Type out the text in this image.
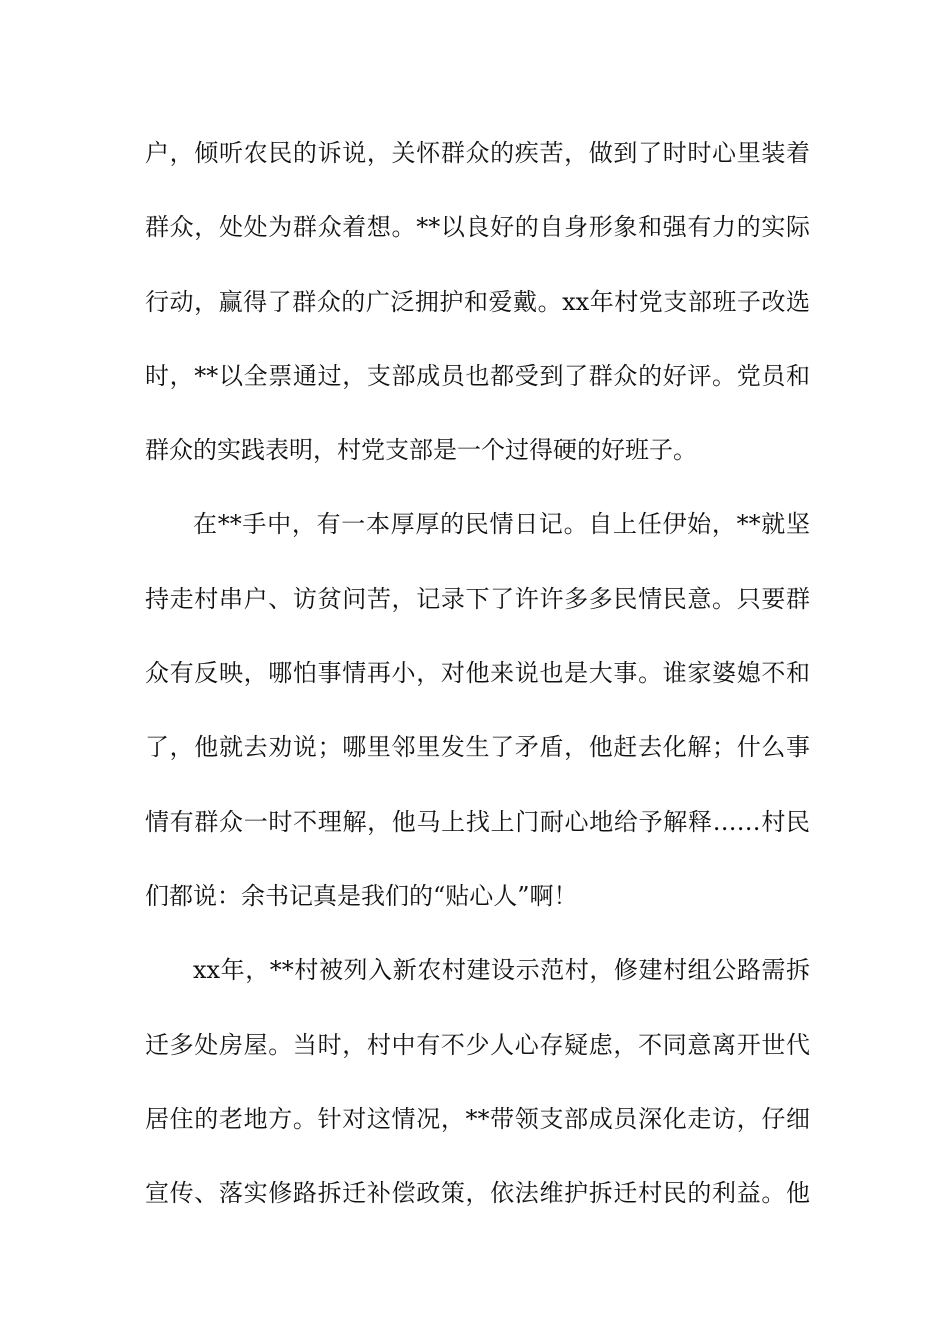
户，倾听农民的诉说，关怀群众的疾苦，做到了时时心里装着
群众，处处为群众着想。**以良好的自身形象和强有力的实际
行动，赢得了群众的广泛拥护和爱戴。xx年村党支部班子改选
时，**以全票通过，支部成员也都受到了群众的好评。党员和
群众的实践表明，村党支部是一个过得硬的好班子。
在**手中，有一本厚厚的民情日记。自上任伊始，**就坚
持走村串户、访贫问苦，记录下了许许多多民情民意。只要群
众有反映，哪怕事情再小，对他来说也是大事。谁家婆媳不和
了，他就去劝说；哪里邻里发生了矛盾，他赶去化解；什么事
情有群众一时不理解，他马上找上门耐心地给予解释……村民
们都说：余书记真是我们的“贴心人”啊！
xx年，**村被列入新农村建设示范村，修建村组公路需拆
迁多处房屋。当时，村中有不少人心存疑虑，不同意离开世代
居住的老地方。针对这情况，**带领支部成员深化走访，仔细
宣传、落实修路拆迁补偿政策，依法维护拆迁村民的利益。他
